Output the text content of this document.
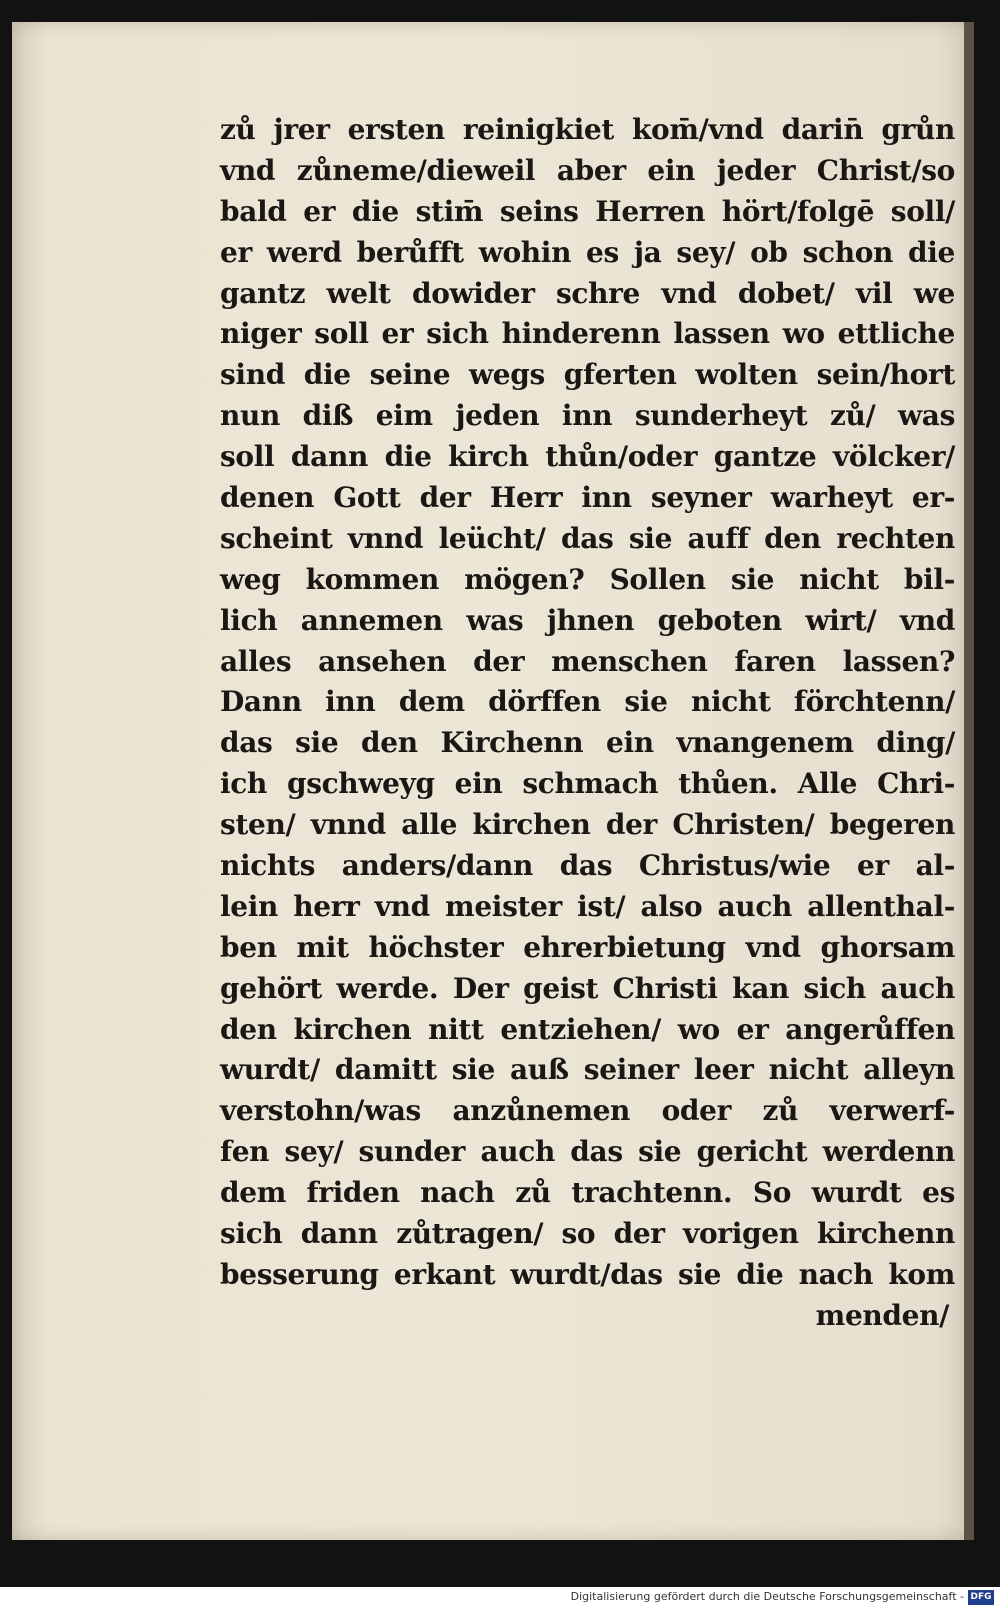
zů jrer ersten reinigkiet kom̄/vnd darin̄ grůn
vnd zůneme/dieweil aber ein jeder Christ/so
bald er die stim̄ seins Herren hört/folgē soll/
er werd berůfft wohin es ja sey/ ob schon die
gantz welt dowider schre vnd dobet/ vil we
niger soll er sich hinderenn lassen wo ettliche
sind die seine wegs gferten wolten sein/hort
nun diß eim jeden inn sunderheyt zů/ was
soll dann die kirch thůn/oder gantze völcker/
denen Gott der Herr inn seyner warheyt er-
scheint vnnd leücht/ das sie auff den rechten
weg kommen mögen? Sollen sie nicht bil-
lich annemen was jhnen geboten wirt/ vnd
alles ansehen der menschen faren lassen?
Dann inn dem dörffen sie nicht förchtenn/
das sie den Kirchenn ein vnangenem ding/
ich gschweyg ein schmach thůen. Alle Chri-
sten/ vnnd alle kirchen der Christen/ begeren
nichts anders/dann das Christus/wie er al-
lein herr vnd meister ist/ also auch allenthal-
ben mit höchster ehrerbietung vnd ghorsam
gehört werde. Der geist Christi kan sich auch
den kirchen nitt entziehen/ wo er angerůffen
wurdt/ damitt sie auß seiner leer nicht alleyn
verstohn/was anzůnemen oder zů verwerf-
fen sey/ sunder auch das sie gericht werdenn
dem friden nach zů trachtenn. So wurdt es
sich dann zůtragen/ so der vorigen kirchenn
besserung erkant wurdt/das sie die nach kom
menden/
Digitalisierung gefördert durch die Deutsche Forschungsgemeinschaft - DFG
